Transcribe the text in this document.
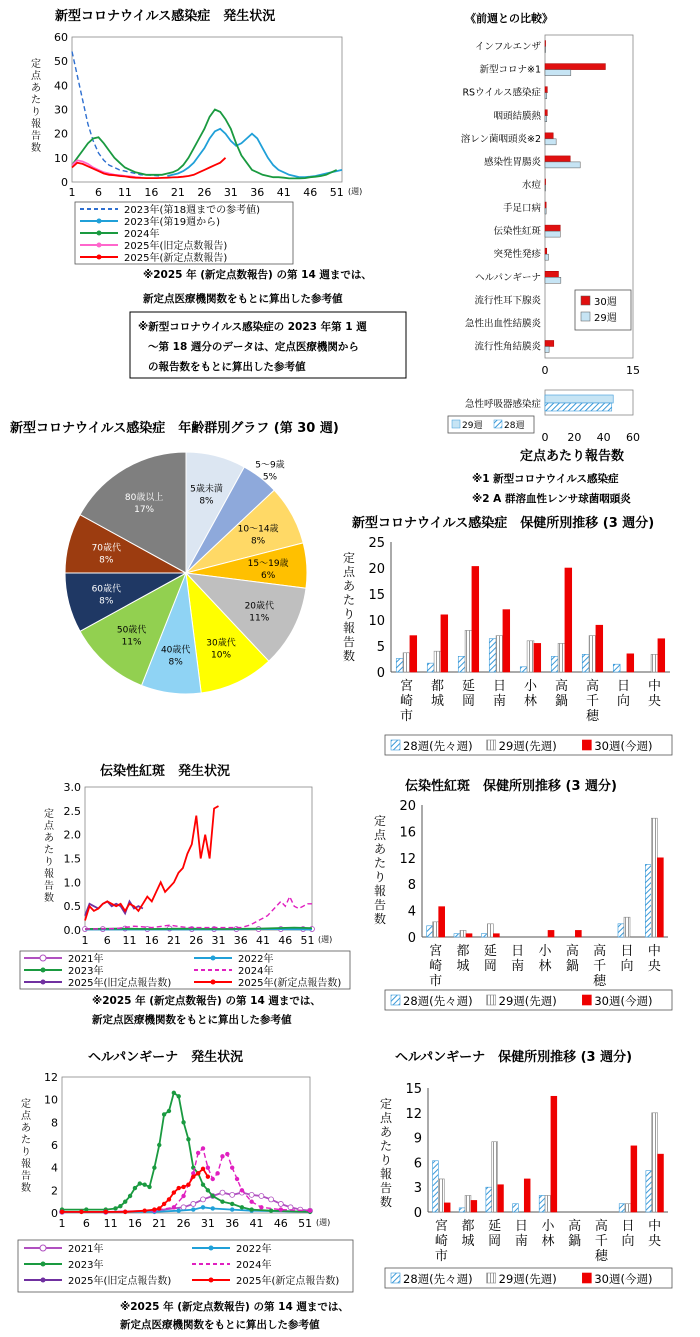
新型コロナウイルス感染症　発生状況	《前週との比較》
※2025 年 (新定点数報告) の第 14 週までは、
新定点医療機関数をもとに算出した参考値
※新型コロナウイルス感染症の 2023 年第 1 週
～第 18 週分のデータは、定点医療機関から
の報告数をもとに算出した参考値
新型コロナウイルス感染症　年齢群別グラフ (第 30 週)
定点あたり報告数
※1 新型コロナウイルス感染症
※2 A 群溶血性レンサ球菌咽頭炎
新型コロナウイルス感染症　保健所別推移 (3 週分)
伝染性紅斑　発生状況
伝染性紅斑　保健所別推移 (3 週分)
※2025 年 (新定点数報告) の第 14 週までは、
新定点医療機関数をもとに算出した参考値
ヘルパンギーナ　発生状況	ヘルパンギーナ　保健所別推移 (3 週分)
※2025 年 (新定点数報告) の第 14 週までは、
新定点医療機関数をもとに算出した参考値
0
10
20
30
40
50
60
1 6 11 16 21 26 31 36 41 46 51 (週)
定
点
あ
た
り
報
告
数
2023年(第18週までの参考値)
2023年(第19週から)
2024年
2025年(旧定点数報告)
2025年(新定点数報告)
インフルエンザ
新型コロナ※1
RSウイルス感染症
咽頭結膜熱
溶レン菌咽頭炎※2
感染性胃腸炎
水痘
手足口病
伝染性紅斑
突発性発疹
ヘルパンギーナ
流行性耳下腺炎
急性出血性結膜炎
流行性角結膜炎
0	15
30週
29週
急性呼吸器感染症
0 20 40 60
29週 28週
5歳未満
8%
5～9歳
5%
10～14歳
8%
15～19歳
6%
20歳代
11%
30歳代
10%
40歳代
8%
50歳代
11%
60歳代
8%
70歳代
8%
80歳以上
17%
0
5
10
15
20
25
定
点
あ
た
り
報
告
数
宮
崎
市
都
城
延
岡
日
南
小
林
高
鍋
高
千
穂
日
向
中
央
28週(先々週) 29週(先週)	30週(今週)
0.0
0.5
1.0
1.5
2.0
2.5
3.0
1 6 11 16 21 26 31 36 41 46 51 (週)
定
点
あ
た
り
報
告
数
2021年	2022年
2023年	2024年
2025年(旧定点報告数)	2025年(新定点報告数)
0
4
8
12
16
20
定
点
あ
た
り
報
告
数
宮
崎
市
都
城
延
岡
日
南
小
林
高
鍋
高
千
穂
日
向
中
央
28週(先々週) 29週(先週)	30週(今週)
0
2
4
6
8
10
12
1 6 11 16 21 26 31 36 41 46 51 (週)
定
点
あ
た
り
報
告
数
2021年	2022年
2023年	2024年
2025年(旧定点報告数)	2025年(新定点報告数)
0
3
6
9
12
15
定
点
あ
た
り
報
告
数
宮
崎
市
都
城
延
岡
日
南
小
林
高
鍋
高
千
穂
日
向
中
央
28週(先々週) 29週(先週)	30週(今週)
